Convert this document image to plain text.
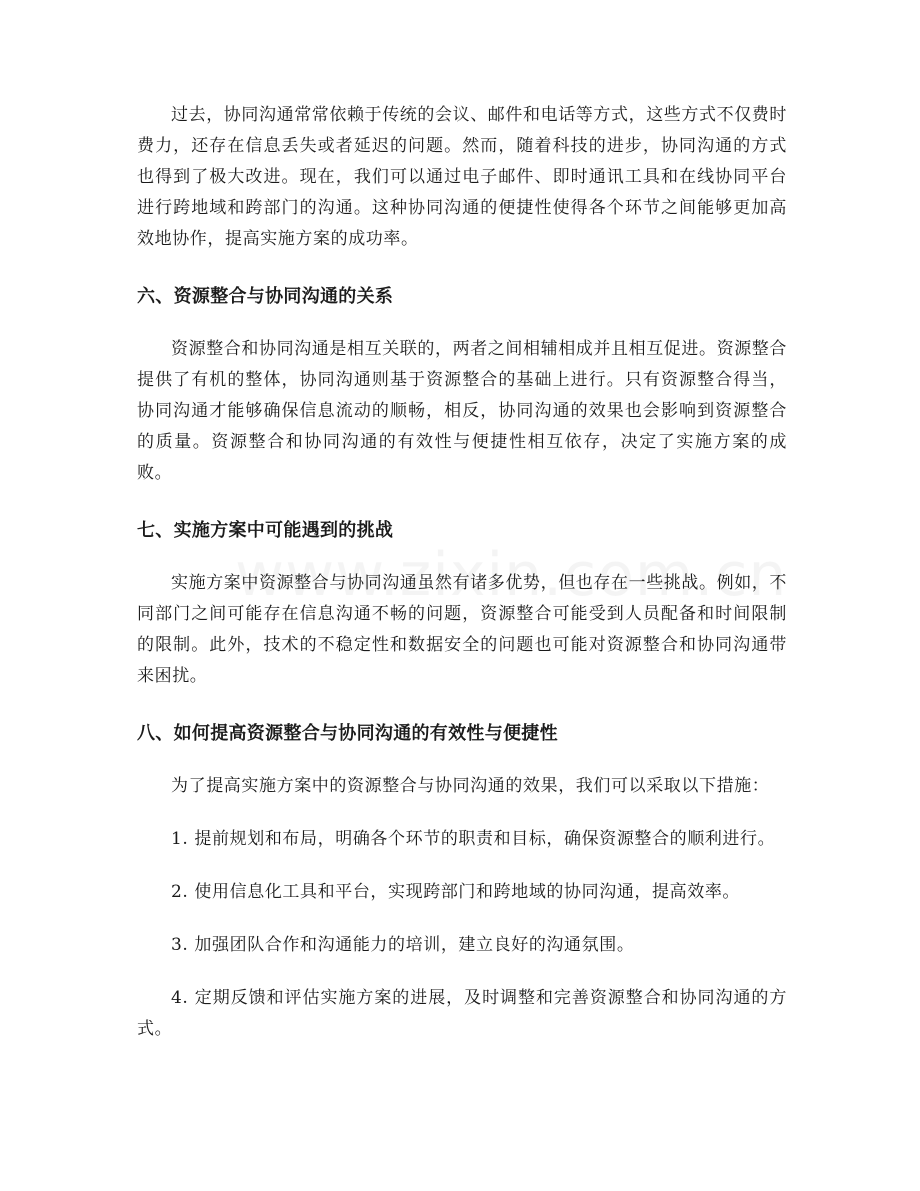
过去，协同沟通常常依赖于传统的会议、邮件和电话等方式，这些方式不仅费时费力，还存在信息丢失或者延迟的问题。然而，随着科技的进步，协同沟通的方式也得到了极大改进。现在，我们可以通过电子邮件、即时通讯工具和在线协同平台进行跨地域和跨部门的沟通。这种协同沟通的便捷性使得各个环节之间能够更加高效地协作，提高实施方案的成功率。

六、资源整合与协同沟通的关系

资源整合和协同沟通是相互关联的，两者之间相辅相成并且相互促进。资源整合提供了有机的整体，协同沟通则基于资源整合的基础上进行。只有资源整合得当，协同沟通才能够确保信息流动的顺畅，相反，协同沟通的效果也会影响到资源整合的质量。资源整合和协同沟通的有效性与便捷性相互依存，决定了实施方案的成败。

七、实施方案中可能遇到的挑战

实施方案中资源整合与协同沟通虽然有诸多优势，但也存在一些挑战。例如，不同部门之间可能存在信息沟通不畅的问题，资源整合可能受到人员配备和时间限制的限制。此外，技术的不稳定性和数据安全的问题也可能对资源整合和协同沟通带来困扰。

八、如何提高资源整合与协同沟通的有效性与便捷性

为了提高实施方案中的资源整合与协同沟通的效果，我们可以采取以下措施：

1. 提前规划和布局，明确各个环节的职责和目标，确保资源整合的顺利进行。

2. 使用信息化工具和平台，实现跨部门和跨地域的协同沟通，提高效率。

3. 加强团队合作和沟通能力的培训，建立良好的沟通氛围。

4. 定期反馈和评估实施方案的进展，及时调整和完善资源整合和协同沟通的方式。
